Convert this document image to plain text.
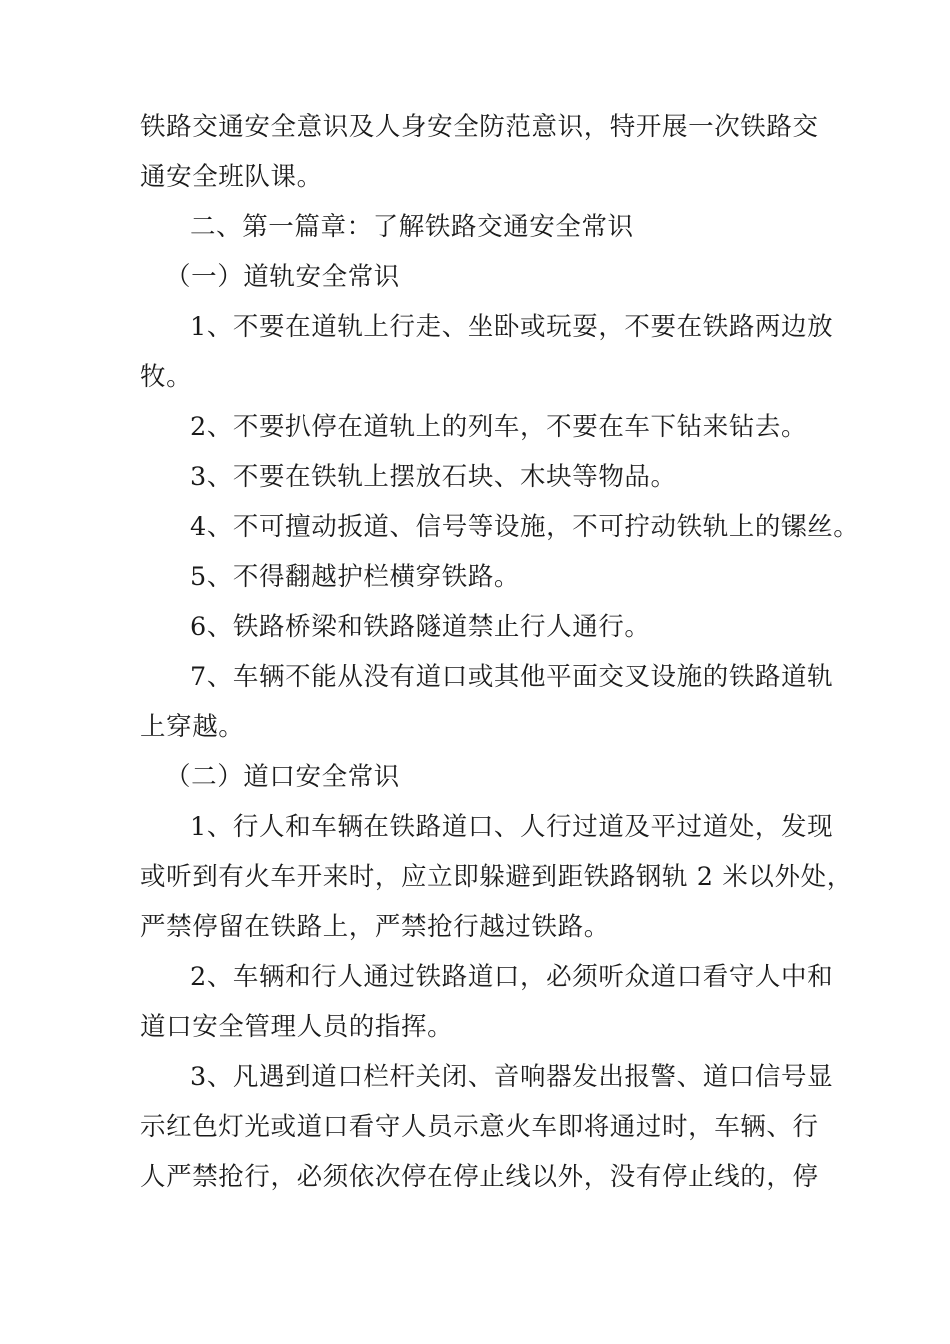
铁路交通安全意识及人身安全防范意识，特开展一次铁路交

通安全班队课。

二、第一篇章：了解铁路交通安全常识

（一）道轨安全常识

1、不要在道轨上行走、坐卧或玩耍，不要在铁路两边放

牧。

2、不要扒停在道轨上的列车，不要在车下钻来钻去。

3、不要在铁轨上摆放石块、木块等物品。

4、不可擅动扳道、信号等设施，不可拧动铁轨上的镙丝。

5、不得翻越护栏横穿铁路。

6、铁路桥梁和铁路隧道禁止行人通行。

7、车辆不能从没有道口或其他平面交叉设施的铁路道轨

上穿越。

（二）道口安全常识

1、行人和车辆在铁路道口、人行过道及平过道处，发现

或听到有火车开来时，应立即躲避到距铁路钢轨 2 米以外处，

严禁停留在铁路上，严禁抢行越过铁路。

2、车辆和行人通过铁路道口，必须听众道口看守人中和

道口安全管理人员的指挥。

3、凡遇到道口栏杆关闭、音响器发出报警、道口信号显

示红色灯光或道口看守人员示意火车即将通过时，车辆、行

人严禁抢行，必须依次停在停止线以外，没有停止线的，停
